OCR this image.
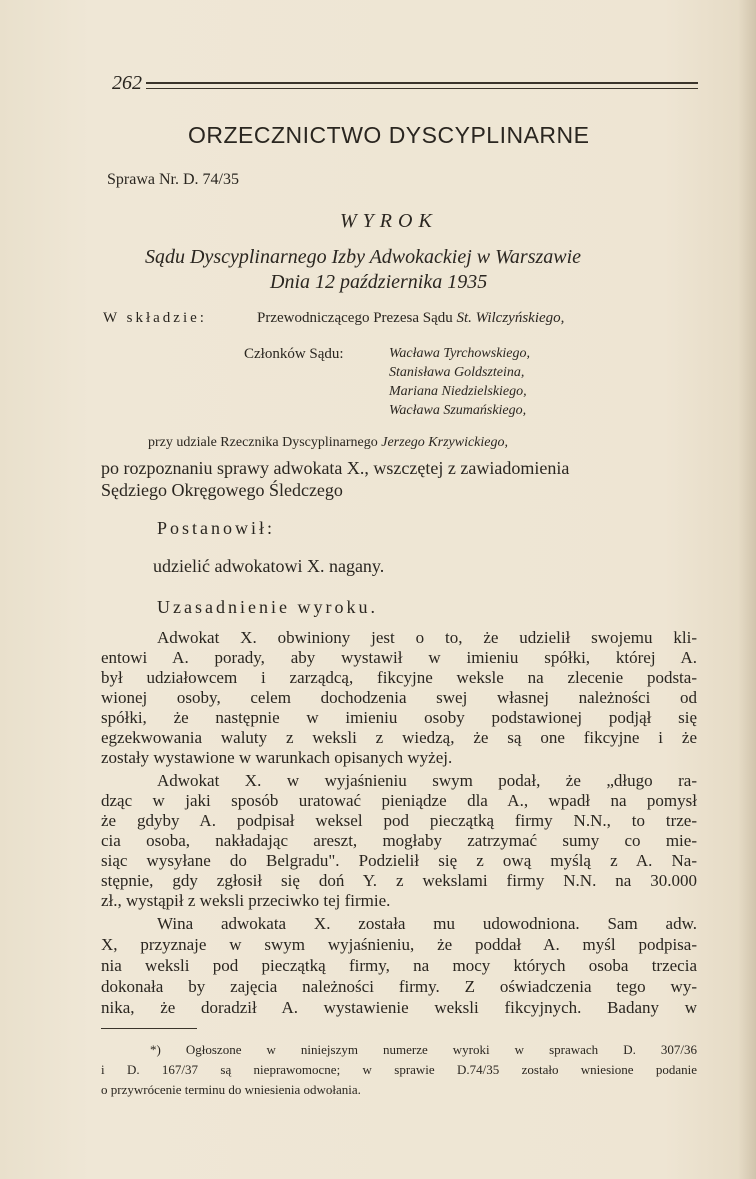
262
ORZECZNICTWO DYSCYPLINARNE
Sprawa Nr. D. 74/35
WYROK
Sądu Dyscyplinarnego Izby Adwokackiej w Warszawie
Dnia 12 października 1935
W składzie:	Przewodniczącego Prezesa Sądu St. Wilczyńskiego,
Członków Sądu:	Wacława Tyrchowskiego,
Stanisława Goldszteina,
Mariana Niedzielskiego,
Wacława Szumańskiego,
przy udziale Rzecznika Dyscyplinarnego Jerzego Krzywickiego,
po rozpoznaniu sprawy adwokata X., wszczętej z zawiadomienia
Sędziego Okręgowego Śledczego
Postanowił:
udzielić adwokatowi X. nagany.
Uzasadnienie wyroku.
Adwokat X. obwiniony jest o to, że udzielił swojemu kli-
entowi A. porady, aby wystawił w imieniu spółki, której A.
był udziałowcem i zarządcą, fikcyjne weksle na zlecenie podsta-
wionej osoby, celem dochodzenia swej własnej należności od
spółki, że następnie w imieniu osoby podstawionej podjął się
egzekwowania waluty z weksli z wiedzą, że są one fikcyjne i że
zostały wystawione w warunkach opisanych wyżej.
Adwokat X. w wyjaśnieniu swym podał, że „długo ra-
dząc w jaki sposób uratować pieniądze dla A., wpadł na pomysł
że gdyby A. podpisał weksel pod pieczątką firmy N.N., to trze-
cia osoba, nakładając areszt, mogłaby zatrzymać sumy co mie-
siąc wysyłane do Belgradu". Podzielił się z ową myślą z A. Na-
stępnie, gdy zgłosił się doń Y. z wekslami firmy N.N. na 30.000
zł., wystąpił z weksli przeciwko tej firmie.
Wina adwokata X. została mu udowodniona. Sam adw.
X, przyznaje w swym wyjaśnieniu, że poddał A. myśl podpisa-
nia weksli pod pieczątką firmy, na mocy których osoba trzecia
dokonała by zajęcia należności firmy. Z oświadczenia tego wy-
nika, że doradził A. wystawienie weksli fikcyjnych. Badany w
*) Ogłoszone w niniejszym numerze wyroki w sprawach D. 307/36
i D. 167/37 są nieprawomocne; w sprawie D.74/35 zostało wniesione podanie
o przywrócenie terminu do wniesienia odwołania.
